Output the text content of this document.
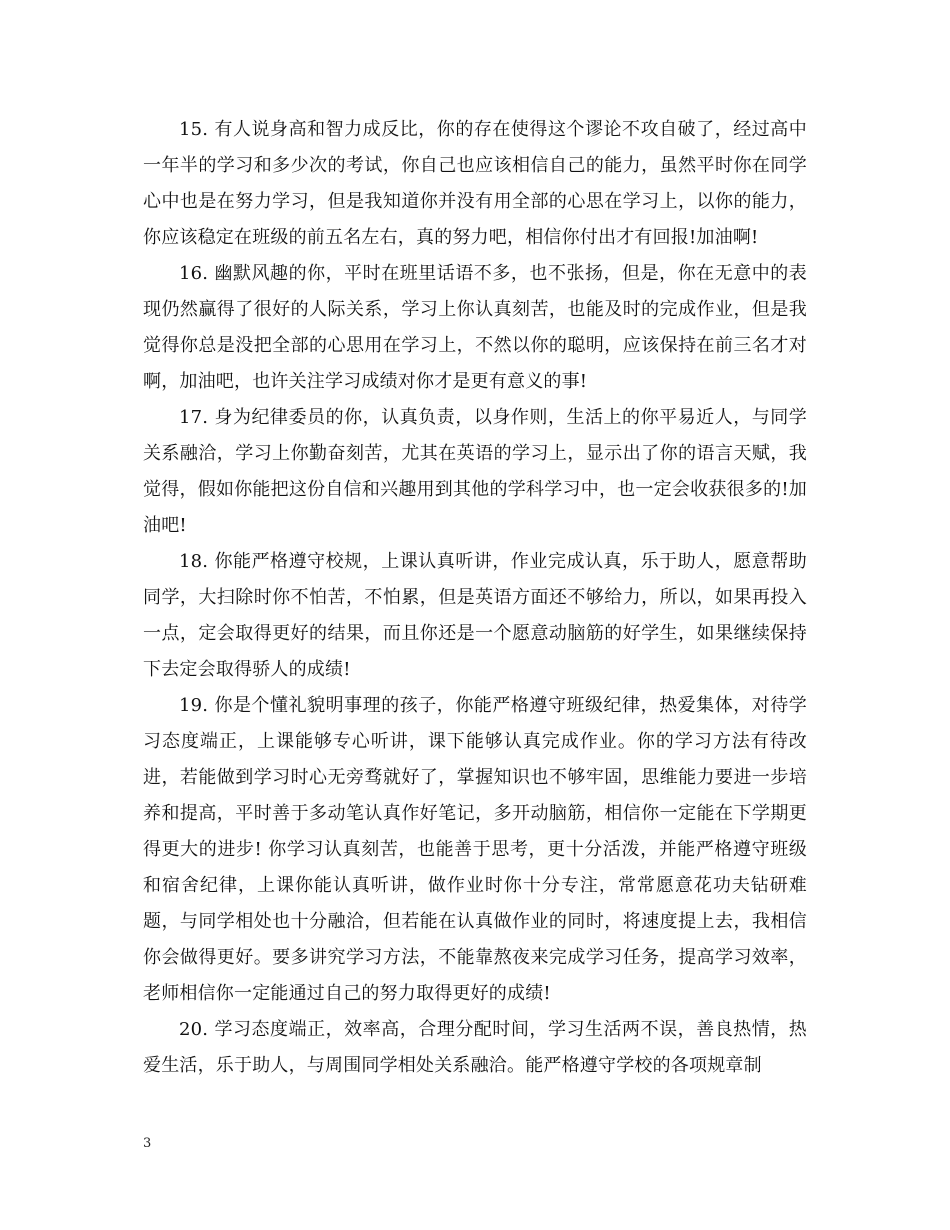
15. 有人说身高和智力成反比，你的存在使得这个谬论不攻自破了，经过高中一年半的学习和多少次的考试，你自己也应该相信自己的能力，虽然平时你在同学心中也是在努力学习，但是我知道你并没有用全部的心思在学习上，以你的能力，你应该稳定在班级的前五名左右，真的努力吧，相信你付出才有回报!加油啊!

16. 幽默风趣的你，平时在班里话语不多，也不张扬，但是，你在无意中的表现仍然赢得了很好的人际关系，学习上你认真刻苦，也能及时的完成作业，但是我觉得你总是没把全部的心思用在学习上，不然以你的聪明，应该保持在前三名才对啊，加油吧，也许关注学习成绩对你才是更有意义的事!

17. 身为纪律委员的你，认真负责，以身作则，生活上的你平易近人，与同学关系融洽，学习上你勤奋刻苦，尤其在英语的学习上，显示出了你的语言天赋，我觉得，假如你能把这份自信和兴趣用到其他的学科学习中，也一定会收获很多的!加油吧!

18. 你能严格遵守校规，上课认真听讲，作业完成认真，乐于助人，愿意帮助同学，大扫除时你不怕苦，不怕累，但是英语方面还不够给力，所以，如果再投入一点，定会取得更好的结果，而且你还是一个愿意动脑筋的好学生，如果继续保持下去定会取得骄人的成绩!

19. 你是个懂礼貌明事理的孩子，你能严格遵守班级纪律，热爱集体，对待学习态度端正，上课能够专心听讲，课下能够认真完成作业。你的学习方法有待改进，若能做到学习时心无旁骛就好了，掌握知识也不够牢固，思维能力要进一步培养和提高，平时善于多动笔认真作好笔记，多开动脑筋，相信你一定能在下学期更得更大的进步! 你学习认真刻苦，也能善于思考，更十分活泼，并能严格遵守班级和宿舍纪律，上课你能认真听讲，做作业时你十分专注，常常愿意花功夫钻研难题，与同学相处也十分融洽，但若能在认真做作业的同时，将速度提上去，我相信你会做得更好。要多讲究学习方法，不能靠熬夜来完成学习任务，提高学习效率，老师相信你一定能通过自己的努力取得更好的成绩!

20. 学习态度端正，效率高，合理分配时间，学习生活两不误，善良热情，热爱生活，乐于助人，与周围同学相处关系融洽。能严格遵守学校的各项规章制

3
